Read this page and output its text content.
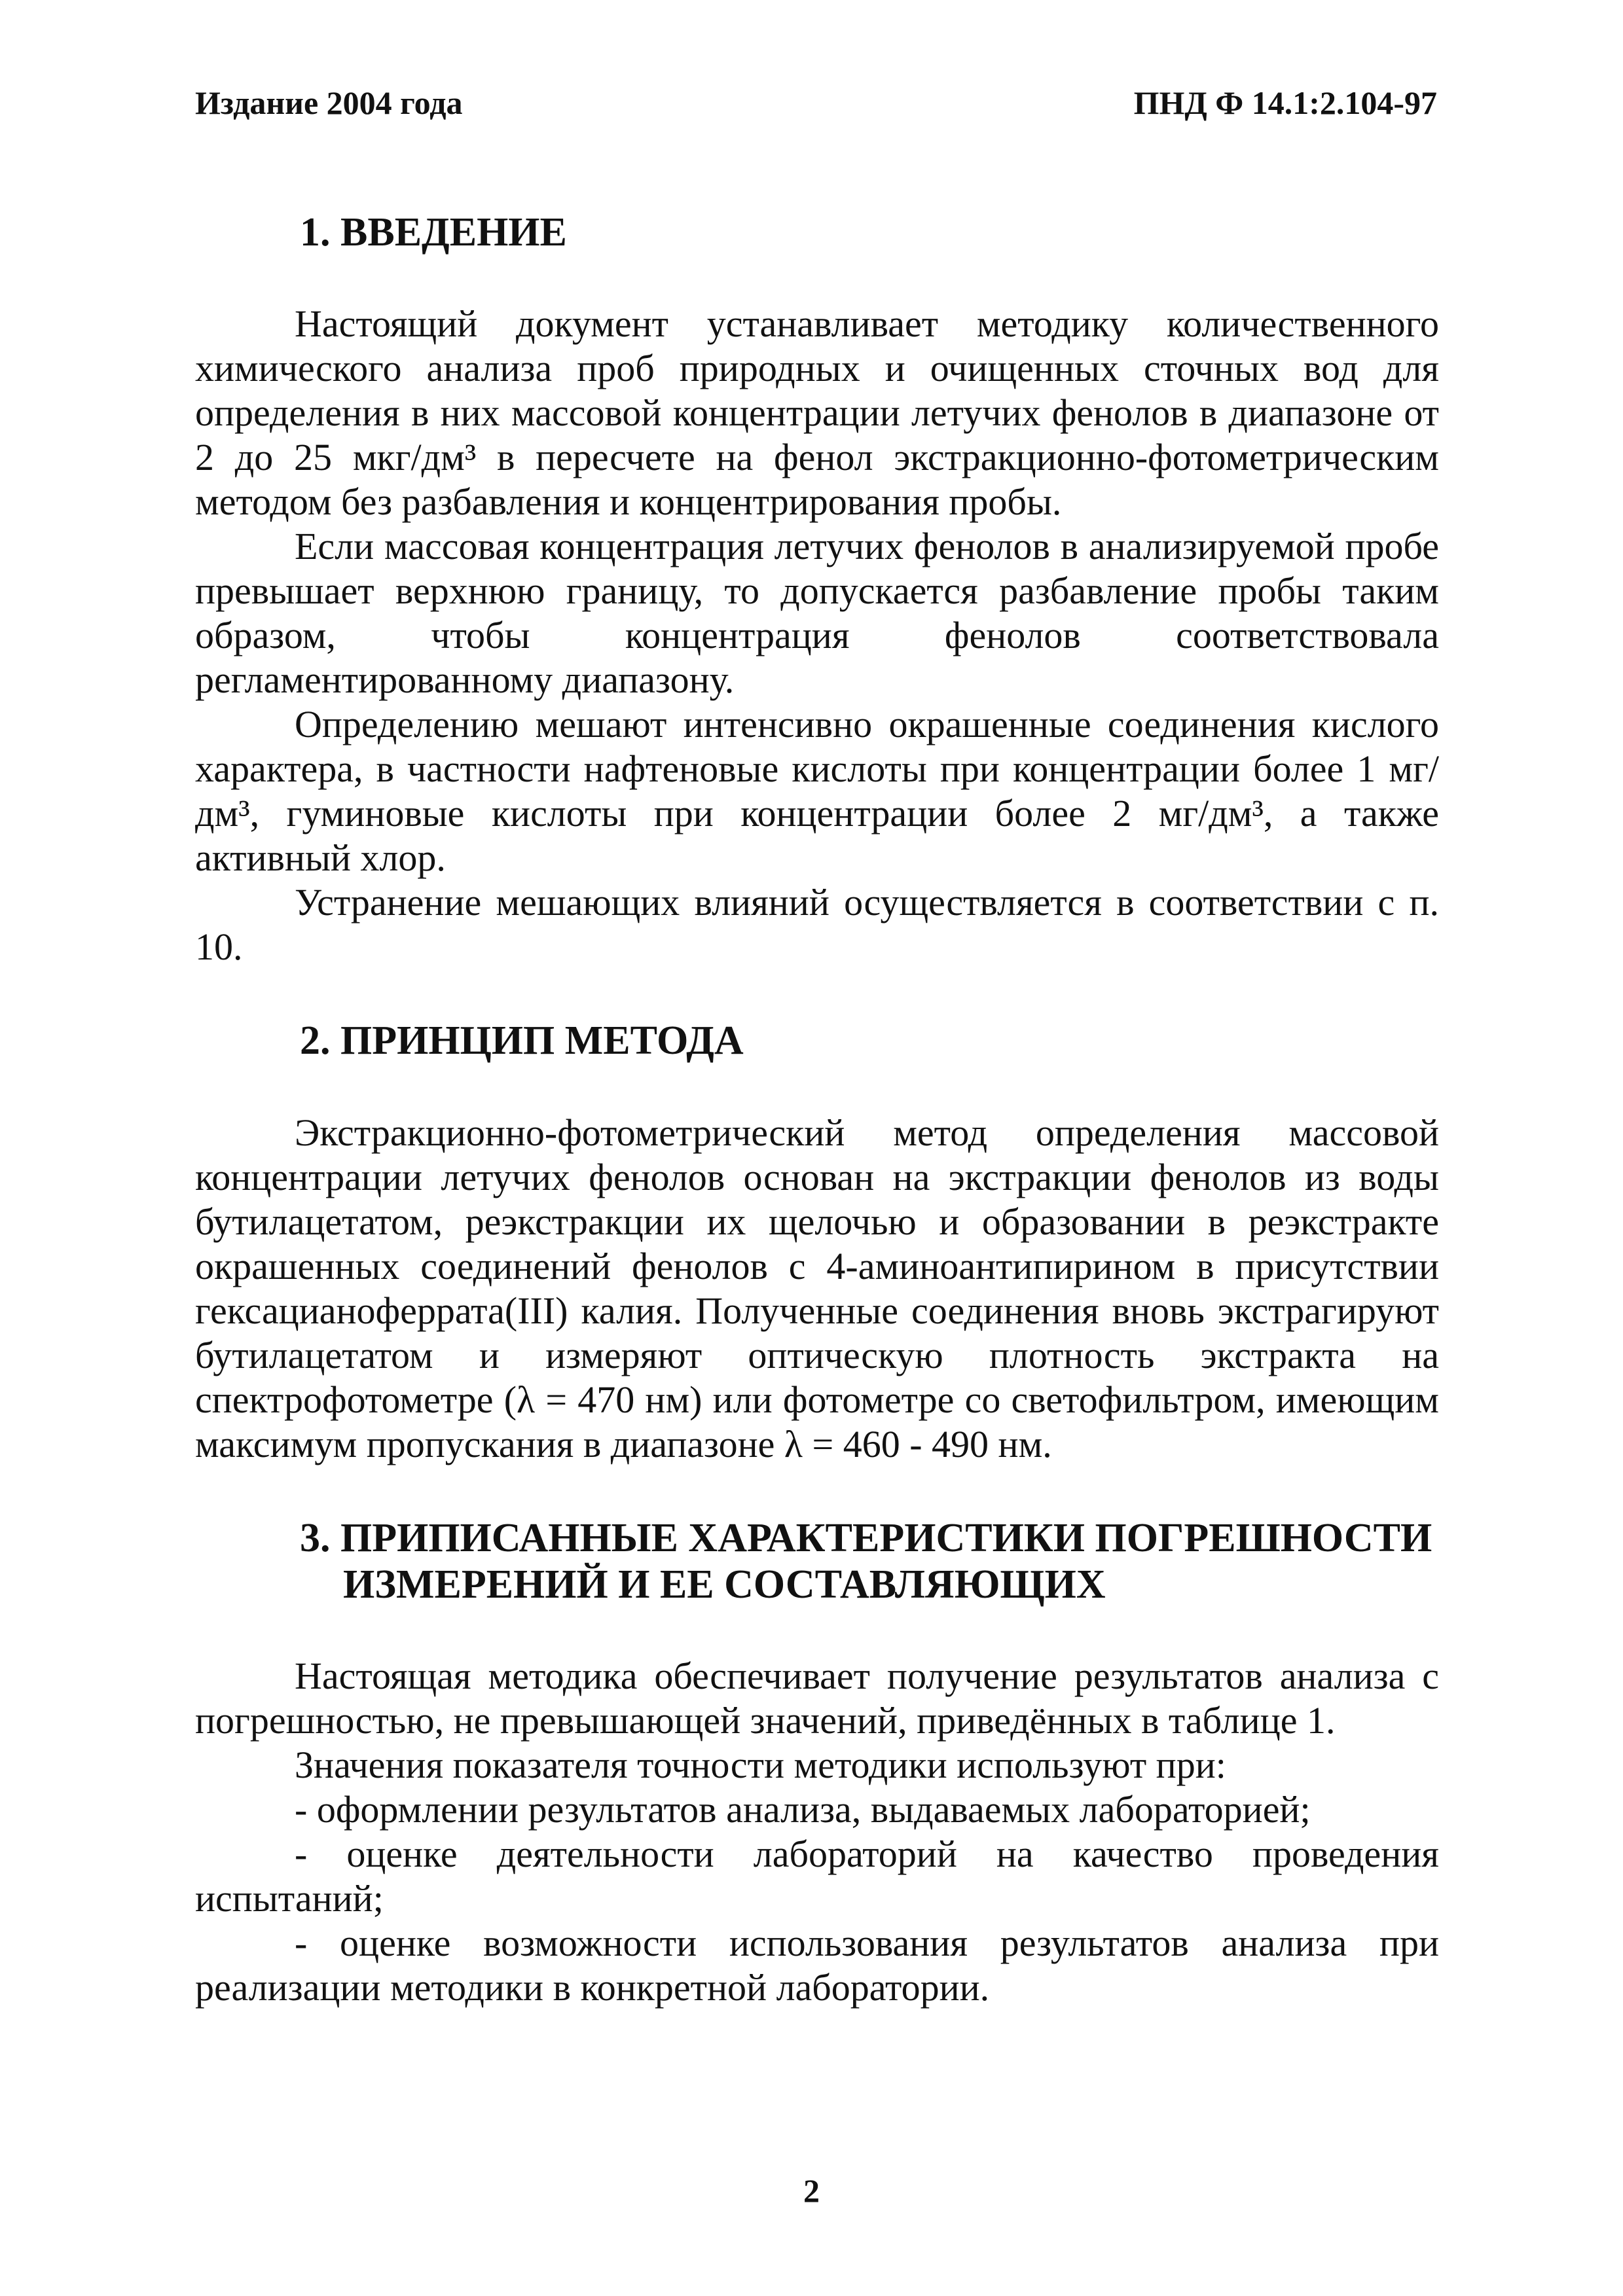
Издание 2004 года	ПНД Ф 14.1:2.104-97
1. ВВЕДЕНИЕ

Настоящий документ устанавливает методику количественного химического анализа проб природных и очищенных сточных вод для определения в них массовой концентрации летучих фенолов в диапазоне от 2 до 25 мкг/дм³ в пересчете на фенол экстракционно-фотометрическим методом без разбавления и концентрирования пробы.

Если массовая концентрация летучих фенолов в анализируемой пробе превышает верхнюю границу, то допускается разбавление пробы таким образом, чтобы концентрация фенолов соответствовала регламентированному диапазону.

Определению мешают интенсивно окрашенные соединения кислого характера, в частности нафтеновые кислоты при концентрации более 1 мг/дм³, гуминовые кислоты при концентрации более 2 мг/дм³, а также активный хлор.

Устранение мешающих влияний осуществляется в соответствии с п. 10.

2. ПРИНЦИП МЕТОДА

Экстракционно-фотометрический метод определения массовой концентрации летучих фенолов основан на экстракции фенолов из воды бутилацетатом, реэкстракции их щелочью и образовании в реэкстракте окрашенных соединений фенолов с 4-аминоантипирином в присутствии гексацианоферрата(III) калия. Полученные соединения вновь экстрагируют бутилацетатом и измеряют оптическую плотность экстракта на спектрофотометре (λ = 470 нм) или фотометре со светофильтром, имеющим максимум пропускания в диапазоне λ = 460 - 490 нм.

3. ПРИПИСАННЫЕ ХАРАКТЕРИСТИКИ ПОГРЕШНОСТИ
ИЗМЕРЕНИЙ И ЕЕ СОСТАВЛЯЮЩИХ

Настоящая методика обеспечивает получение результатов анализа с погрешностью, не превышающей значений, приведённых в таблице 1.

Значения показателя точности методики используют при:

- оформлении результатов анализа, выдаваемых лабораторией;

- оценке деятельности лабораторий на качество проведения испытаний;

- оценке возможности использования результатов анализа при реализации методики в конкретной лаборатории.

2
